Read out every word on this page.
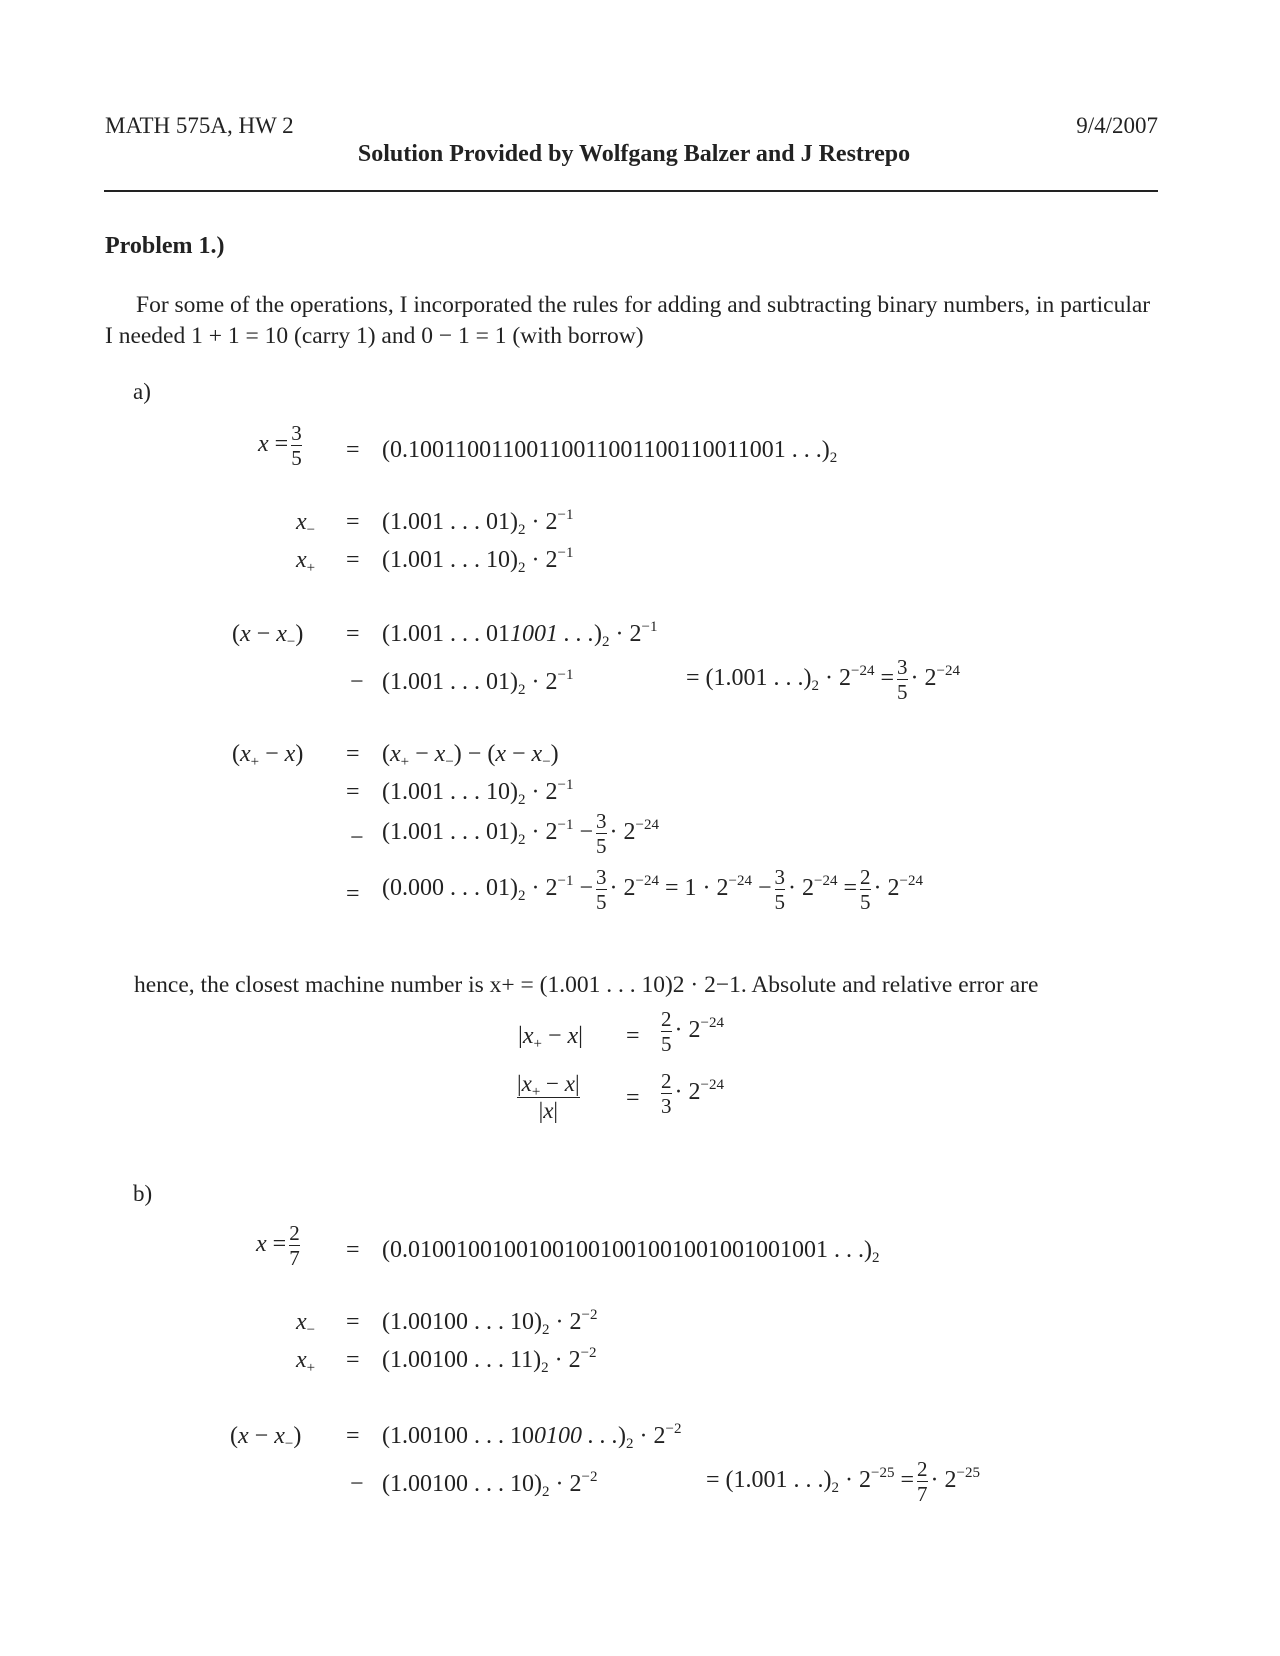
MATH 575A, HW 2	9/4/2007
Solution Provided by Wolfgang Balzer and J Restrepo
Problem 1.)
For some of the operations, I incorporated the rules for adding and subtracting binary numbers, in particular I needed 1 + 1 = 10 (carry 1) and 0 − 1 = 1 (with borrow)
a)
$x = \frac{3}{5} = (0.10011001100110011001100110011001$ . . $.)_2$
$x_- = (1.001$ . . . $01)_2 \cdot 2^{-1}$
$x_+ = (1.001$ . . . $10)_2 \cdot 2^{-1}$
$(x - x_-) = (1.001$ . . . 011001 . . $.)_2 \cdot 2^{-1}$
− (1.001 . . . $01)_2 \cdot 2^{-1}$	= (1.001 . . $.)_2 \cdot 2^{-24} = \frac{3}{5} \cdot 2^{-24}$
$(x_+ - x) = (x_+ - x_-) - (x - x_-)$
= (1.001 . . . $10)_2 \cdot 2^{-1}$
− (1.001 . . . $01)_2 \cdot 2^{-1} - \frac{3}{5} \cdot 2^{-24}$
= (0.000 . . . $01)_2 \cdot 2^{-1} - \frac{3}{5} \cdot 2^{-24} = 1 \cdot 2^{-24} - \frac{3}{5} \cdot 2^{-24} = \frac{2}{5} \cdot 2^{-24}$
hence, the closest machine number is x+ = (1.001 . . . 10)2 · 2−1. Absolute and relative error are
$|x_+ - x| = \frac{2}{5} \cdot 2^{-24}$
$\frac{|x_+ - x|}{|x|} = \frac{2}{3} \cdot 2^{-24}$
b)
$x = \frac{2}{7} = (0.01001001001001001001001001001001001$ . . $.)_2$
$x_- = (1.00100$ . . . $10)_2 \cdot 2^{-2}$
$x_+ = (1.00100$ . . . $11)_2 \cdot 2^{-2}$
$(x - x_-) = (1.00100$ . . . 100100 . . $.)_2 \cdot 2^{-2}$
− (1.00100 . . . $10)_2 \cdot 2^{-2}$	= (1.001 . . $.)_2 \cdot 2^{-25} = \frac{2}{7} \cdot 2^{-25}$
